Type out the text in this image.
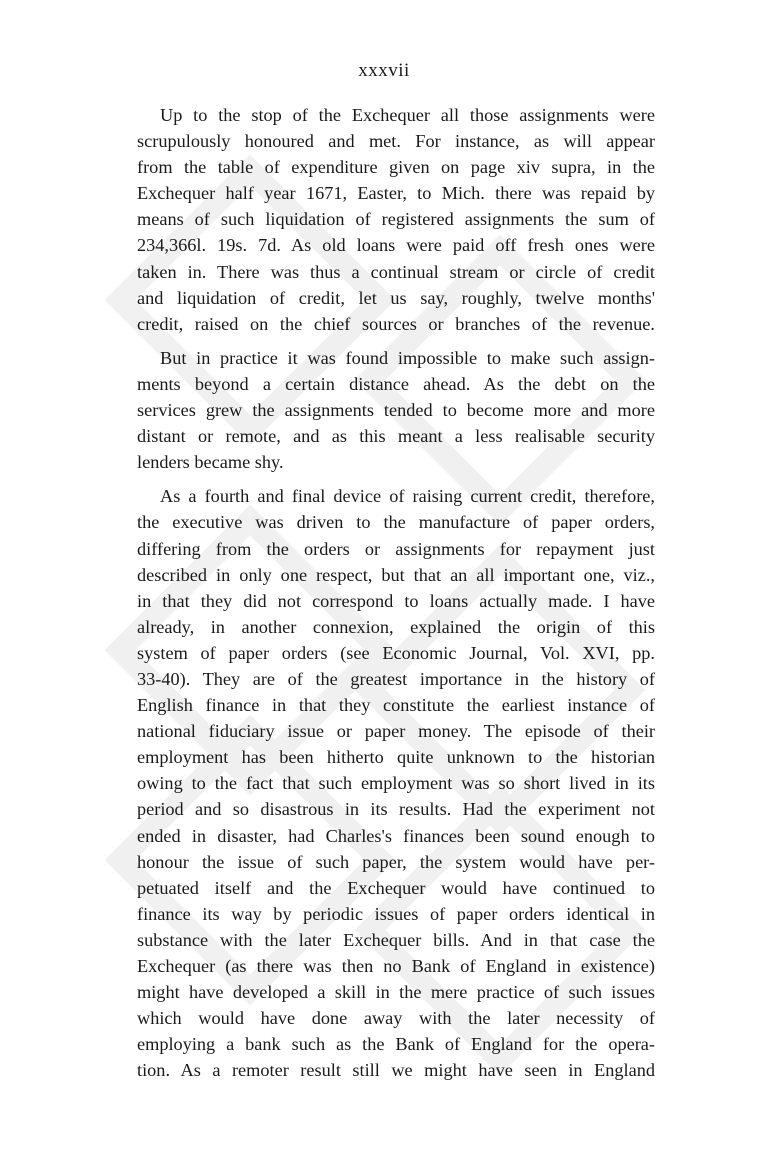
xxxvii
Up to the stop of the Exchequer all those assignments were
scrupulously honoured and met. For instance, as will appear
from the table of expenditure given on page xiv supra, in the
Exchequer half year 1671, Easter, to Mich. there was repaid by
means of such liquidation of registered assignments the sum of
234,366l. 19s. 7d. As old loans were paid off fresh ones were
taken in. There was thus a continual stream or circle of credit
and liquidation of credit, let us say, roughly, twelve months'
credit, raised on the chief sources or branches of the revenue.
But in practice it was found impossible to make such assign-
ments beyond a certain distance ahead. As the debt on the
services grew the assignments tended to become more and more
distant or remote, and as this meant a less realisable security
lenders became shy.
As a fourth and final device of raising current credit, therefore,
the executive was driven to the manufacture of paper orders,
differing from the orders or assignments for repayment just
described in only one respect, but that an all important one, viz.,
in that they did not correspond to loans actually made. I have
already, in another connexion, explained the origin of this
system of paper orders (see Economic Journal, Vol. XVI, pp.
33-40). They are of the greatest importance in the history of
English finance in that they constitute the earliest instance of
national fiduciary issue or paper money. The episode of their
employment has been hitherto quite unknown to the historian
owing to the fact that such employment was so short lived in its
period and so disastrous in its results. Had the experiment not
ended in disaster, had Charles's finances been sound enough to
honour the issue of such paper, the system would have per-
petuated itself and the Exchequer would have continued to
finance its way by periodic issues of paper orders identical in
substance with the later Exchequer bills. And in that case the
Exchequer (as there was then no Bank of England in existence)
might have developed a skill in the mere practice of such issues
which would have done away with the later necessity of
employing a bank such as the Bank of England for the opera-
tion. As a remoter result still we might have seen in England
